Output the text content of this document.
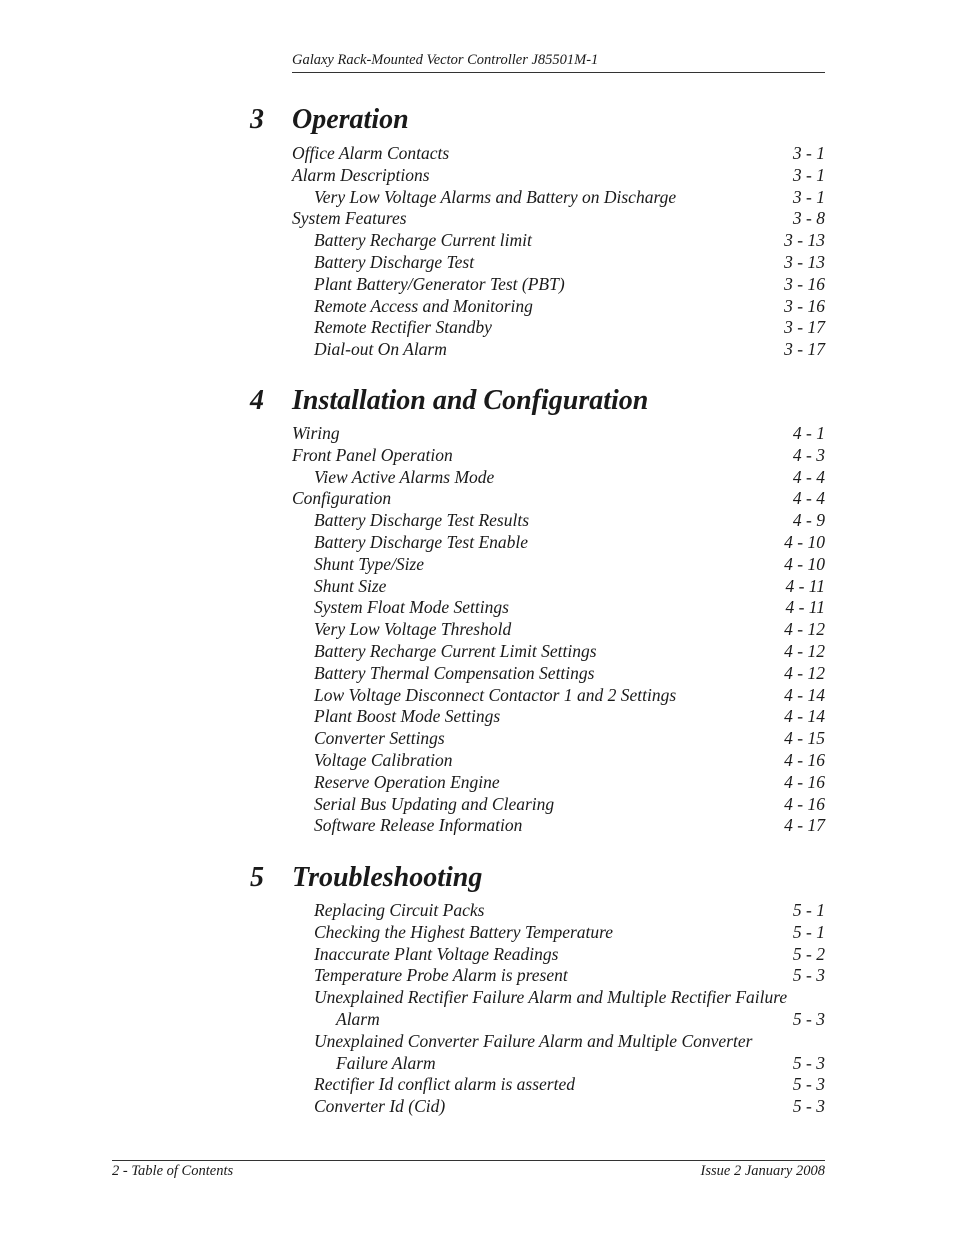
Galaxy Rack-Mounted Vector Controller J85501M-1
3 Operation
Office Alarm Contacts	3 - 1
Alarm Descriptions	3 - 1
Very Low Voltage Alarms and Battery on Discharge	3 - 1
System Features	3 - 8
Battery Recharge Current limit	3 - 13
Battery Discharge Test	3 - 13
Plant Battery/Generator Test (PBT)	3 - 16
Remote Access and Monitoring	3 - 16
Remote Rectifier Standby	3 - 17
Dial-out On Alarm	3 - 17
4 Installation and Configuration
Wiring	4 - 1
Front Panel Operation	4 - 3
View Active Alarms Mode	4 - 4
Configuration	4 - 4
Battery Discharge Test Results	4 - 9
Battery Discharge Test Enable	4 - 10
Shunt Type/Size	4 - 10
Shunt Size	4 - 11
System Float Mode Settings	4 - 11
Very Low Voltage Threshold	4 - 12
Battery Recharge Current Limit Settings	4 - 12
Battery Thermal Compensation Settings	4 - 12
Low Voltage Disconnect Contactor 1 and 2 Settings	4 - 14
Plant Boost Mode Settings	4 - 14
Converter Settings	4 - 15
Voltage Calibration	4 - 16
Reserve Operation Engine	4 - 16
Serial Bus Updating and Clearing	4 - 16
Software Release Information	4 - 17
5 Troubleshooting
Replacing Circuit Packs	5 - 1
Checking the Highest Battery Temperature	5 - 1
Inaccurate Plant Voltage Readings	5 - 2
Temperature Probe Alarm is present	5 - 3
Unexplained Rectifier Failure Alarm and Multiple Rectifier Failure
Alarm	5 - 3
Unexplained Converter Failure Alarm and Multiple Converter
Failure Alarm	5 - 3
Rectifier Id conflict alarm is asserted	5 - 3
Converter Id (Cid)	5 - 3
2 - Table of Contents	Issue 2 January 2008
